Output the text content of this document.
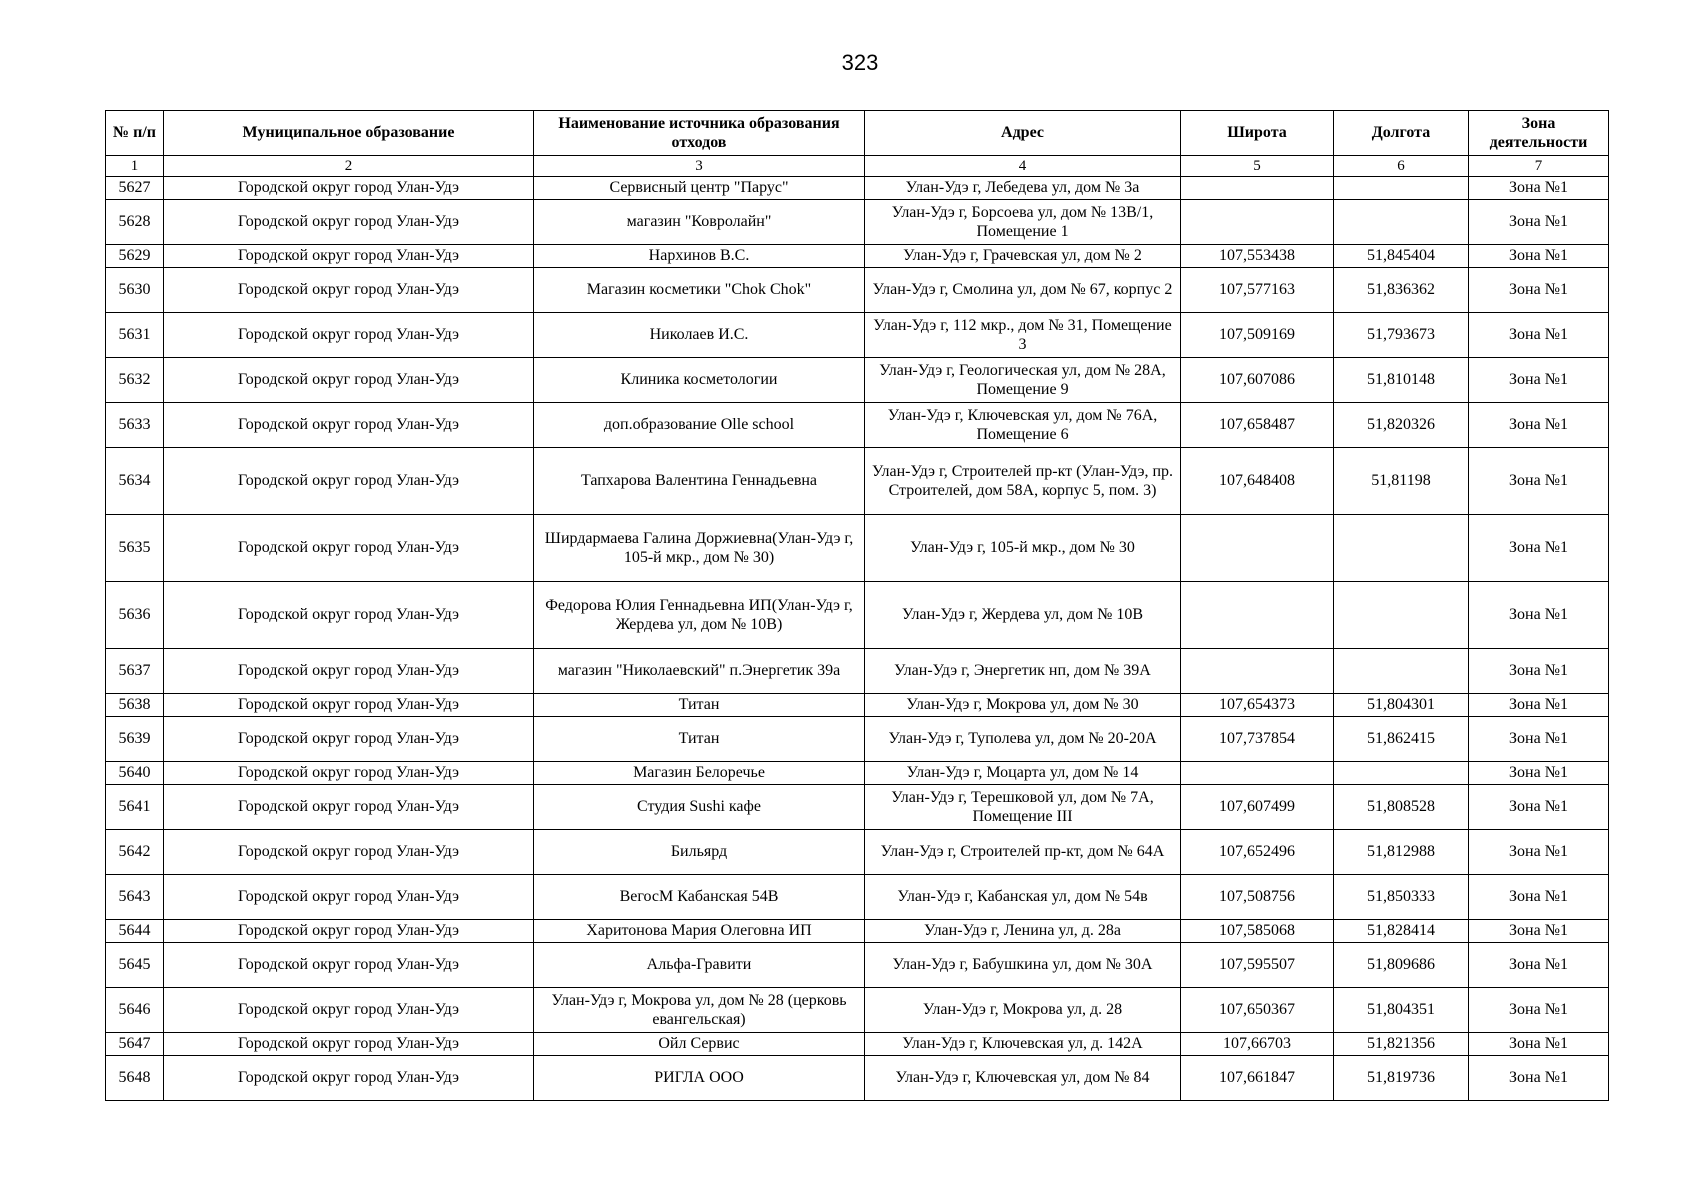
323
№ п/п	Муниципальное образование	Наименование источника образования отходов	Адрес	Широта	Долгота	Зона деятельности
1	2	3	4	5	6	7
5627	Городской округ город Улан-Удэ	Сервисный центр "Парус"	Улан-Удэ г, Лебедева ул, дом № 3а			Зона №1
5628	Городской округ город Улан-Удэ	магазин "Ковролайн"	Улан-Удэ г, Борсоева ул, дом № 13В/1, Помещение 1			Зона №1
5629	Городской округ город Улан-Удэ	Нархинов В.С.	Улан-Удэ г, Грачевская ул, дом № 2	107,553438	51,845404	Зона №1
5630	Городской округ город Улан-Удэ	Магазин косметики "Chok Chok"	Улан-Удэ г, Смолина ул, дом № 67, корпус 2	107,577163	51,836362	Зона №1
5631	Городской округ город Улан-Удэ	Николаев И.С.	Улан-Удэ г, 112 мкр., дом № 31, Помещение 3	107,509169	51,793673	Зона №1
5632	Городской округ город Улан-Удэ	Клиника косметологии	Улан-Удэ г, Геологическая ул, дом № 28А, Помещение 9	107,607086	51,810148	Зона №1
5633	Городской округ город Улан-Удэ	доп.образование Olle school	Улан-Удэ г, Ключевская ул, дом № 76А, Помещение 6	107,658487	51,820326	Зона №1
5634	Городской округ город Улан-Удэ	Тапхарова Валентина Геннадьевна	Улан-Удэ г, Строителей пр-кт (Улан-Удэ, пр. Строителей, дом 58А, корпус 5, пом. 3)	107,648408	51,81198	Зона №1
5635	Городской округ город Улан-Удэ	Ширдармаева Галина Доржиевна(Улан-Удэ г, 105-й мкр., дом № 30)	Улан-Удэ г, 105-й мкр., дом № 30			Зона №1
5636	Городской округ город Улан-Удэ	Федорова Юлия Геннадьевна ИП(Улан-Удэ г, Жердева ул, дом № 10В)	Улан-Удэ г, Жердева ул, дом № 10В			Зона №1
5637	Городской округ город Улан-Удэ	магазин "Николаевский" п.Энергетик 39а	Улан-Удэ г, Энергетик нп, дом № 39А			Зона №1
5638	Городской округ город Улан-Удэ	Титан	Улан-Удэ г, Мокрова ул, дом № 30	107,654373	51,804301	Зона №1
5639	Городской округ город Улан-Удэ	Титан	Улан-Удэ г, Туполева ул, дом № 20-20А	107,737854	51,862415	Зона №1
5640	Городской округ город Улан-Удэ	Магазин Белоречье	Улан-Удэ г, Моцарта ул, дом № 14			Зона №1
5641	Городской округ город Улан-Удэ	Студия Sushi кафе	Улан-Удэ г, Терешковой ул, дом № 7А, Помещение III	107,607499	51,808528	Зона №1
5642	Городской округ город Улан-Удэ	Бильярд	Улан-Удэ г, Строителей пр-кт, дом № 64А	107,652496	51,812988	Зона №1
5643	Городской округ город Улан-Удэ	ВегосМ Кабанская 54В	Улан-Удэ г, Кабанская ул, дом № 54в	107,508756	51,850333	Зона №1
5644	Городской округ город Улан-Удэ	Харитонова Мария Олеговна ИП	Улан-Удэ г, Ленина ул, д. 28а	107,585068	51,828414	Зона №1
5645	Городской округ город Улан-Удэ	Альфа-Гравити	Улан-Удэ г, Бабушкина ул, дом № 30А	107,595507	51,809686	Зона №1
5646	Городской округ город Улан-Удэ	Улан-Удэ г, Мокрова ул, дом № 28 (церковь евангельская)	Улан-Удэ г, Мокрова ул, д. 28	107,650367	51,804351	Зона №1
5647	Городской округ город Улан-Удэ	Ойл Сервис	Улан-Удэ г, Ключевская ул, д. 142А	107,66703	51,821356	Зона №1
5648	Городской округ город Улан-Удэ	РИГЛА ООО	Улан-Удэ г, Ключевская ул, дом № 84	107,661847	51,819736	Зона №1
